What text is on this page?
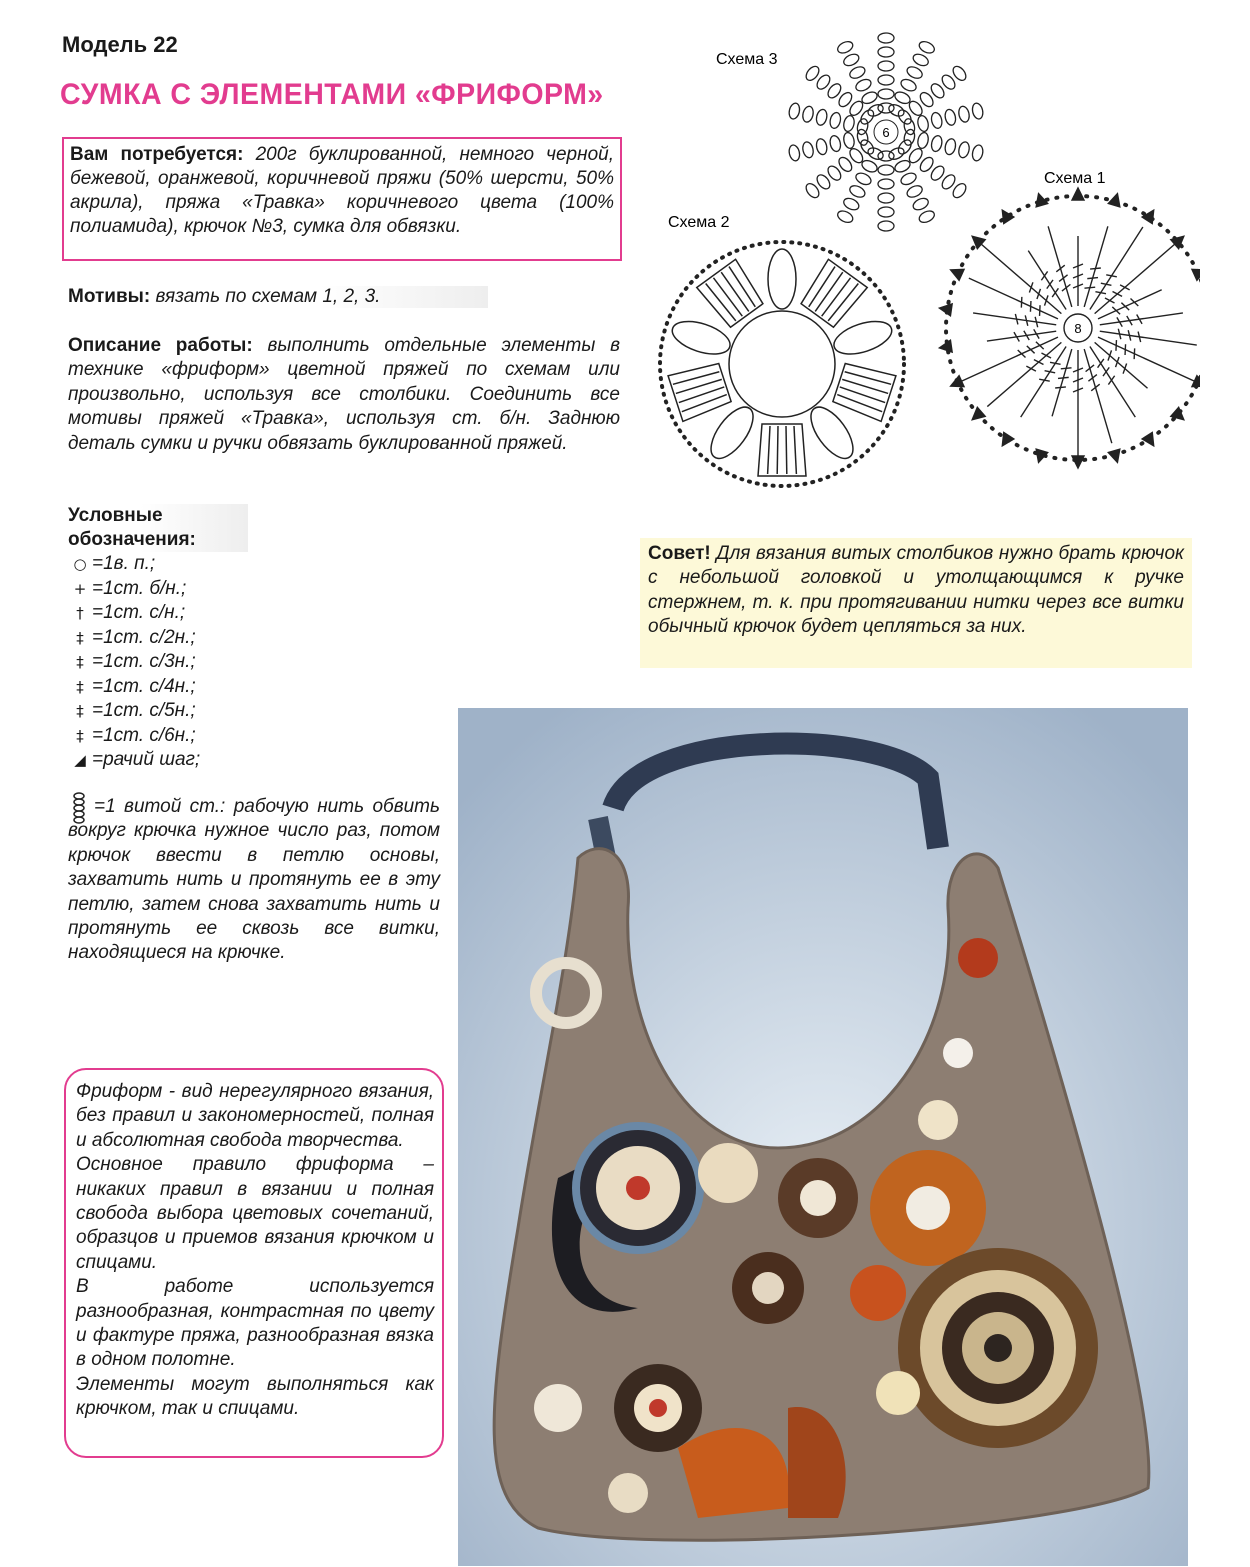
Модель 22
СУМКА С ЭЛЕМЕНТАМИ «ФРИФОРМ»
Вам потребуется: 200г буклированной, немного черной, бежевой, оранжевой, коричневой пряжи (50% шерсти, 50% акрила), пряжа «Травка» коричневого цвета (100% полиамида), крючок №3, сумка для обвязки.
Мотивы: вязать по схемам 1, 2, 3.
Описание работы: выполнить отдельные элементы в технике «фриформ» цветной пряжей по схемам или произвольно, используя все столбики. Соединить все мотивы пряжей «Травка», используя ст. б/н. Заднюю деталь сумки и ручки обвязать буклированной пряжей.
Условные обозначения:
○ =1в. п.;
+ =1ст. б/н.;
† =1ст. с/н.;
‡ =1ст. с/2н.;
‡ =1ст. с/3н.;
‡ =1ст. с/4н.;
‡ =1ст. с/5н.;
‡ =1ст. с/6н.;
◢ =рачий шаг;
=1 витой ст.: рабочую нить обвить вокруг крючка нужное число раз, потом крючок ввести в петлю основы, захватить нить и протянуть ее в эту петлю, затем снова захватить нить и протянуть ее сквозь все витки, находящиеся на крючке.
Совет! Для вязания витых столбиков нужно брать крючок с небольшой головкой и утолщающимся к ручке стержнем, т. к. при протягивании нитки через все витки обычный крючок будет цепляться за них.

Фриформ - вид нерегулярного вязания, без правил и закономерностей, полная и абсолютная свобода творчества.

Основное правило фриформа – никаких правил в вязании и полная свобода выбора цветовых сочетаний, образцов и приемов вязания крючком и спицами.

В работе используется разнообразная, контрастная по цвету и фактуре пряжа, разнообразная вязка в одном полотне.

Элементы могут выполняться как крючком, так и спицами.

Схема 3
Схема 2
Схема 1
6
8
